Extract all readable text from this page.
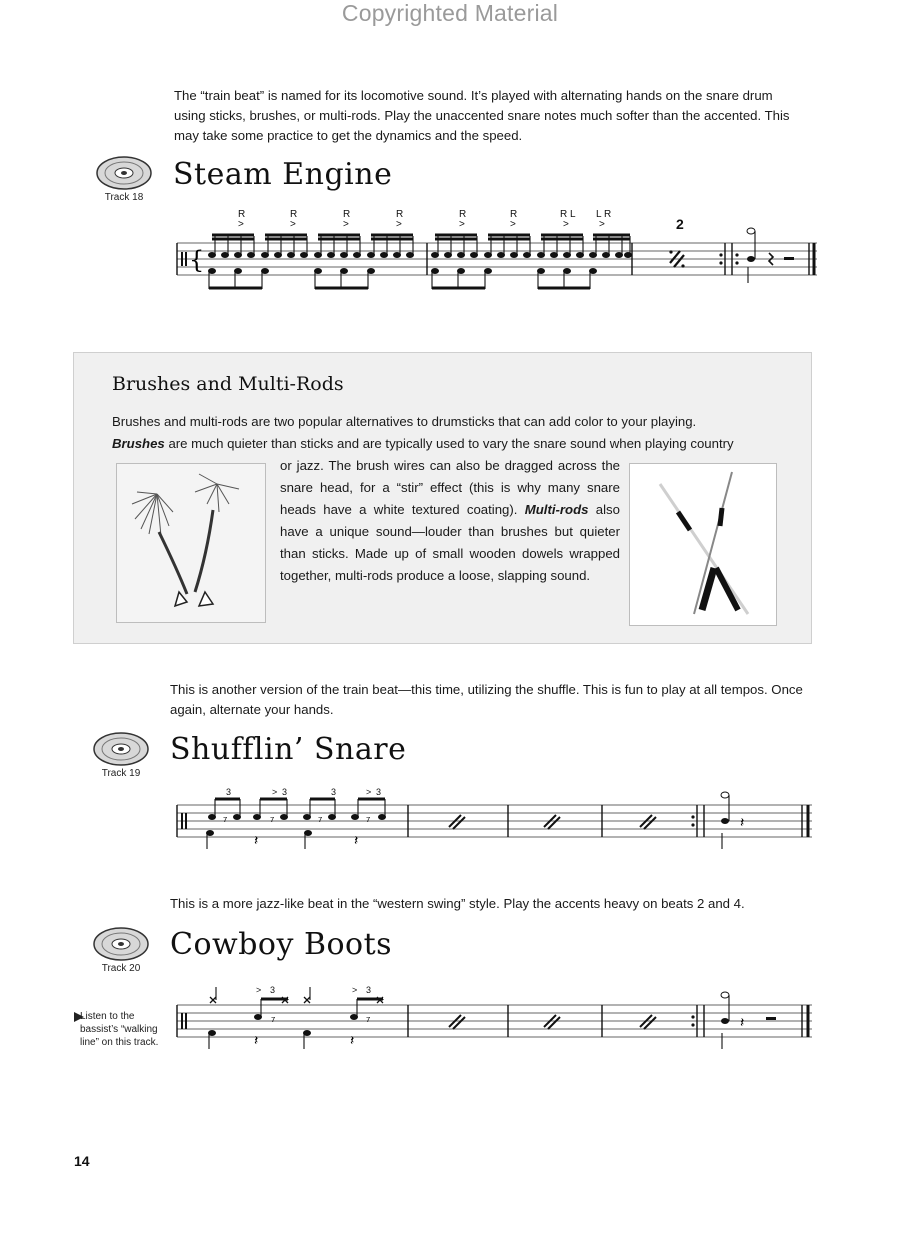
Copyrighted Material
The “train beat” is named for its locomotive sound. It’s played with alternating hands on the snare drum using sticks, brushes, or multi-rods. Play the unaccented snare notes much softer than the accented. This may take some practice to get the dynamics and the speed.
Track 18
Steam Engine
{
R	R	R	R	R	R	R L L R
>	>	>	>	>	>	>	>	2
Brushes and Multi-Rods
Brushes and multi-rods are two popular alternatives to drumsticks that can add color to your playing.
Brushes are much quieter than sticks and are typically used to vary the snare sound when playing country
or jazz. The brush wires can also be dragged across the snare head, for a “stir” effect (this is why many snare heads have a white textured coating). Multi-rods also have a unique sound—louder than brushes but quieter than sticks. Made up of small wooden dowels wrapped together, multi-rods produce a loose, slapping sound.
This is another version of the train beat—this time, utilizing the shuffle. This is fun to play at all tempos. Once again, alternate your hands.
Track 19
Shufflin’ Snare
⁷	⁷	⁷	⁷
𝄽	𝄽
𝄽
3	> 3	3	> 3
This is a more jazz-like beat in the “western swing” style. Play the accents heavy on beats 2 and 4.
Track 20
Cowboy Boots
Listen to the bassist’s “walking line” on this track.
⁷	⁷
𝄽	𝄽
𝄽
> 3	> 3
14
